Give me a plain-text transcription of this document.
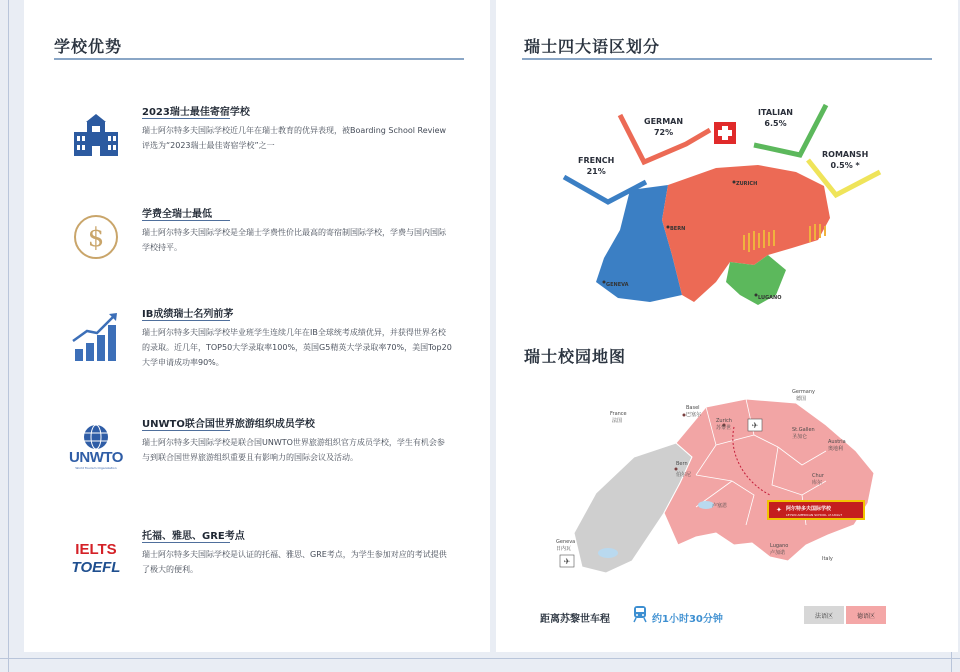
学校优势
2023瑞士最佳寄宿学校
瑞士阿尔特多夫国际学校近几年在瑞士教育的优异表现，被Boarding School Review 评选为“2023瑞士最佳寄宿学校”之一
$
学费全瑞士最低
瑞士阿尔特多夫国际学校是全瑞士学费性价比最高的寄宿制国际学校，学费与国内国际学校持平。
IB成绩瑞士名列前茅
瑞士阿尔特多夫国际学校毕业班学生连续几年在IB全球统考成绩优异，并获得世界名校的录取。近几年，TOP50大学录取率100%，英国G5精英大学录取率70%，美国Top20大学申请成功率90%。
UNWTO
World Tourism Organization
UNWTO联合国世界旅游组织成员学校
瑞士阿尔特多夫国际学校是联合国UNWTO世界旅游组织官方成员学校，学生有机会参与到联合国世界旅游组织重要且有影响力的国际会议及活动。
IELTS
TOEFL
托福、雅思、GRE考点
瑞士阿尔特多夫国际学校是认证的托福、雅思、GRE考点，为学生参加对应的考试提供了极大的便利。
瑞士四大语区划分
FRENCH
21%
GERMAN
72%
ITALIAN
6.5%
ROMANSH
0.5% *
ZURICH
BERN
GENEVA
LUGANO
瑞士校园地图
Germany
德国
France
法国
Basel
巴塞尔
Zurich
苏黎世	St.Gallen
圣加仑
Austria
奥地利
Bern
伯尔尼	Chur
库尔
卢塞恩
Geneva
日内瓦	Lugano
卢加诺
Italy
✈
✈
✦ 阿尔特多夫国际学校
LEYSIN AMERICAN SCHOOL of Altdorf
距离苏黎世车程	约1小时30分钟	法语区	德语区
